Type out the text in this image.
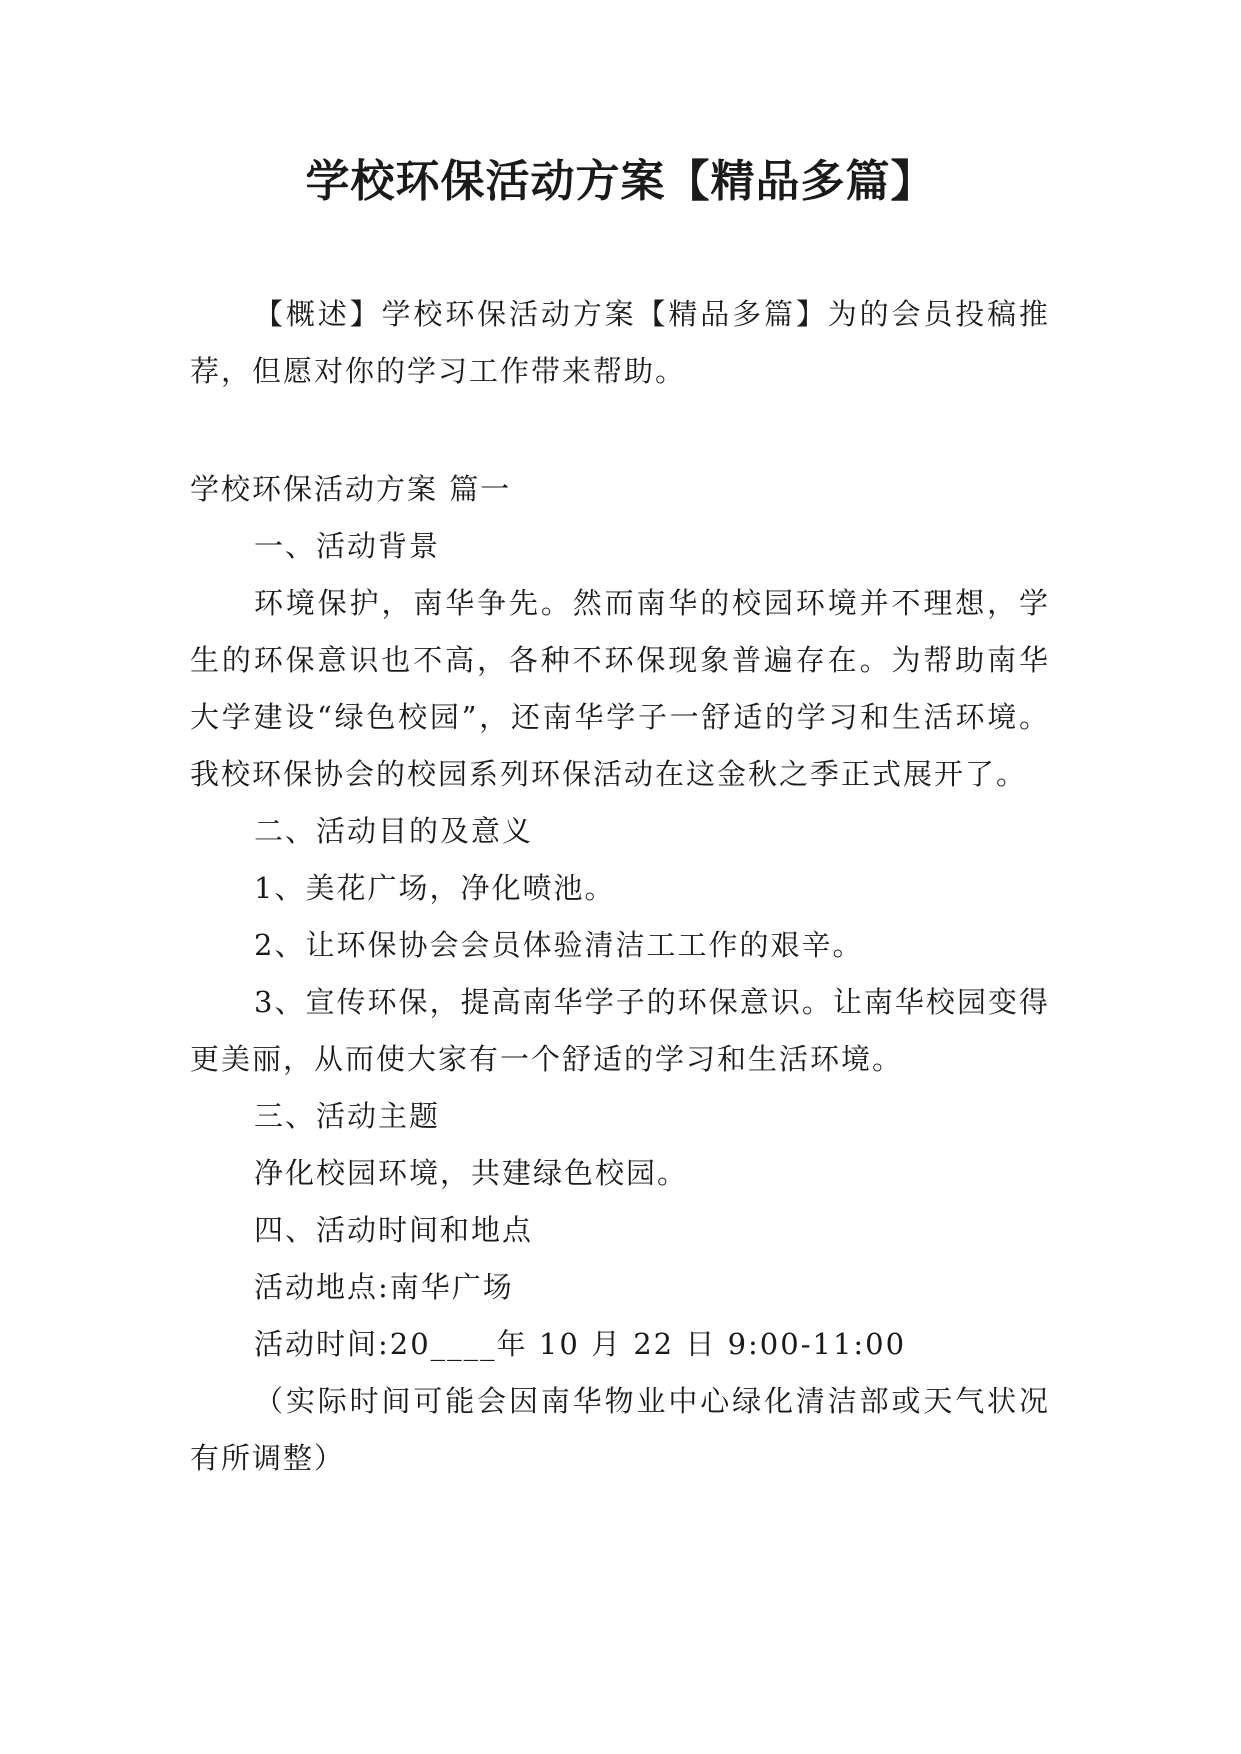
学校环保活动方案【精品多篇】

【概述】学校环保活动方案【精品多篇】为的会员投稿推荐，但愿对你的学习工作带来帮助。

学校环保活动方案 篇一

一、活动背景

环境保护，南华争先。然而南华的校园环境并不理想，学生的环保意识也不高，各种不环保现象普遍存在。为帮助南华大学建设“绿色校园”，还南华学子一舒适的学习和生活环境。我校环保协会的校园系列环保活动在这金秋之季正式展开了。

二、活动目的及意义

1、美花广场，净化喷池。

2、让环保协会会员体验清洁工工作的艰辛。

3、宣传环保，提高南华学子的环保意识。让南华校园变得更美丽，从而使大家有一个舒适的学习和生活环境。

三、活动主题

净化校园环境，共建绿色校园。

四、活动时间和地点

活动地点:南华广场

活动时间:20____年 10 月 22 日 9:00-11:00

（实际时间可能会因南华物业中心绿化清洁部或天气状况有所调整）
